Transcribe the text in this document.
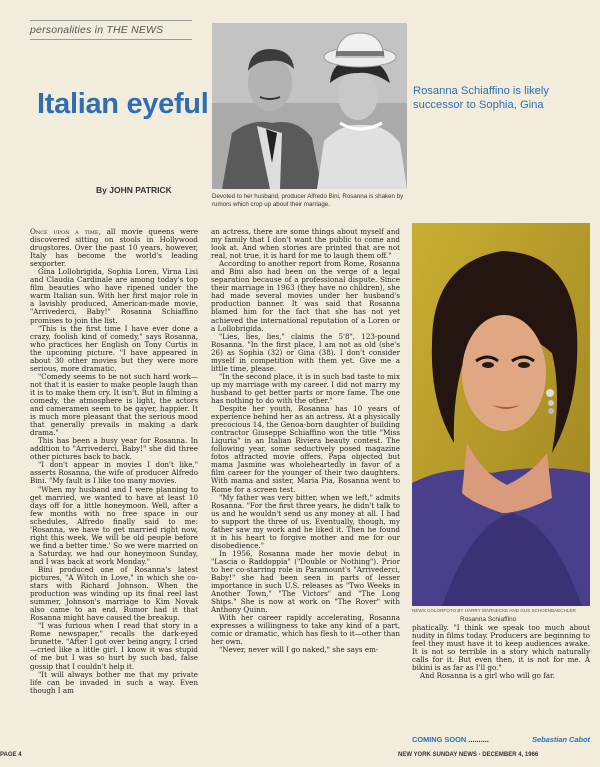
personalities in THE NEWS
Devoted to her husband, producer Alfredo Bini, Rosanna is shaken by rumors which crop up about their marriage.
Italian eyeful	Rosanna Schiaffino is likely successor to Sophia, Gina
By JOHN PATRICK
NEWS COLORFOTO BY HARRY WARNECKE AND GUS SCHOENBAECHLER
Rosanna Schiaffino

Once upon a time, all movie queens were discovered sitting on stools in Hollywood drugstores. Over the past 10 years, however, Italy has become the world's leading sexporter.

Gina Lollobrigida, Sophia Loren, Virna Lisi and Claudia Cardinale are among today's top film beauties who have ripened under the warm Italian sun. With her first major role in a lavishly produced, American-made movie, "Arrivederci, Baby!" Rosanna Schiaffino promises to join the list.

"This is the first time I have ever done a crazy, foolish kind of comedy," says Rosanna, who practices her English on Tony Curtis in the upcoming picture. "I have appeared in about 30 other movies but they were more serious, more dramatic.

"Comedy seems to be not such hard work—not that it is easier to make people laugh than it is to make them cry. It isn't. But in filming a comedy, the atmosphere is light, the actors and cameramen seem to be gayer, happier. It is much more pleasant that the serious mood that generally prevails in making a dark drama."

This has been a busy year for Rosanna. In addition to "Arrivederci, Baby!" she did three other pictures back to back.

"I don't appear in movies I don't like," asserts Rosanna, the wife of producer Alfredo Bini. "My fault is I like too many movies.

"When my husband and I were planning to get married, we wanted to have at least 10 days off for a little honeymoon. Well, after a few months with no free space in our schedules, Alfredo finally said to me: 'Rosanna, we have to get married right now, right this week. We will be old people before we find a better time.' So we were married on a Saturday, we had our honeymoon Sunday, and I was back at work Monday."

Bini produced one of Rosanna's latest pictures, "A Witch in Love," in which she co-stars with Richard Johnson. When the production was winding up its final reel last summer, Johnson's marriage to Kim Novak also came to an end. Rumor had it that Rosanna might have caused the breakup.

"I was furious when I read that story in a Rome newspaper," recalls the dark-eyed brunette. "After I got over being angry, I cried—cried like a little girl. I know it was stupid of me but I was so hurt by such bad, false gossip that I couldn't help it.

"It will always bother me that my private life can be invaded in such a way. Even though I am

an actress, there are some things about myself and my family that I don't want the public to come and look at. And when stories are printed that are not real, not true, it is hard for me to laugh them off."

According to another report from Rome, Rosanna and Bini also had been on the verge of a legal separation because of a professional dispute. Since their marriage in 1963 (they have no children), she had made several movies under her husband's production banner. It was said that Rosanna blamed him for the fact that she has not yet achieved the international reputation of a Loren or a Lollobrigida.

"Lies, lies, lies," claims the 5'8", 123-pound Rosanna. "In the first place, I am not as old (she's 26) as Sophia (32) or Gina (38). I don't consider myself in competition with them yet. Give me a little time, please.

"In the second place, it is in such bad taste to mix up my marriage with my career. I did not marry my husband to get better parts or more fame. The one has nothing to do with the other."

Despite her youth, Rosanna has 10 years of experience behind her as an actress. At a physically precocious 14, the Genoa-born daughter of building contractor Giuseppe Schiaffino won the title "Miss Liguria" in an Italian Riviera beauty contest. The following year, some seductively posed magazine fotos attracted movie offers. Papa objected but mama Jasmine was wholeheartedly in favor of a film career for the younger of their two daughters. With mama and sister, Maria Pia, Rosanna went to Rome for a screen test.

"My father was very bitter, when we left," admits Rosanna. "For the first three years, he didn't talk to us and he wouldn't send us any money at all. I had to support the three of us. Eventually, though, my father saw my work and he liked it. Then he found it in his heart to forgive mother and me for our disobedience."

In 1956, Rosanna made her movie debut in "Lascia o Raddoppia" ("Double or Nothing"). Prior to her co-starring role in Paramount's "Arrivederci, Baby!" she had been seen in parts of lesser importance in such U.S. releases as "Two Weeks in Another Town," "The Victors" and "The Long Ships." She is now at work on "The Rover" with Anthony Quinn.

With her career rapidly accelerating, Rosanna expresses a willingness to take any kind of a part, comic or dramatic, which has flesh to it—other than her own.

"Never, never will I go naked," she says em-

phatically. "I think we speak too much about nudity in films today. Producers are beginning to feel they must have it to keep audiences awake. It is not so terrible in a story which naturally calls for it. But even then, it is not for me. A bikini is as far as I'll go."

And Rosanna is a girl who will go far.

COMING SOON ..........	Sebastian Cabot
PAGE 4	NEW YORK SUNDAY NEWS · DECEMBER 4, 1966
